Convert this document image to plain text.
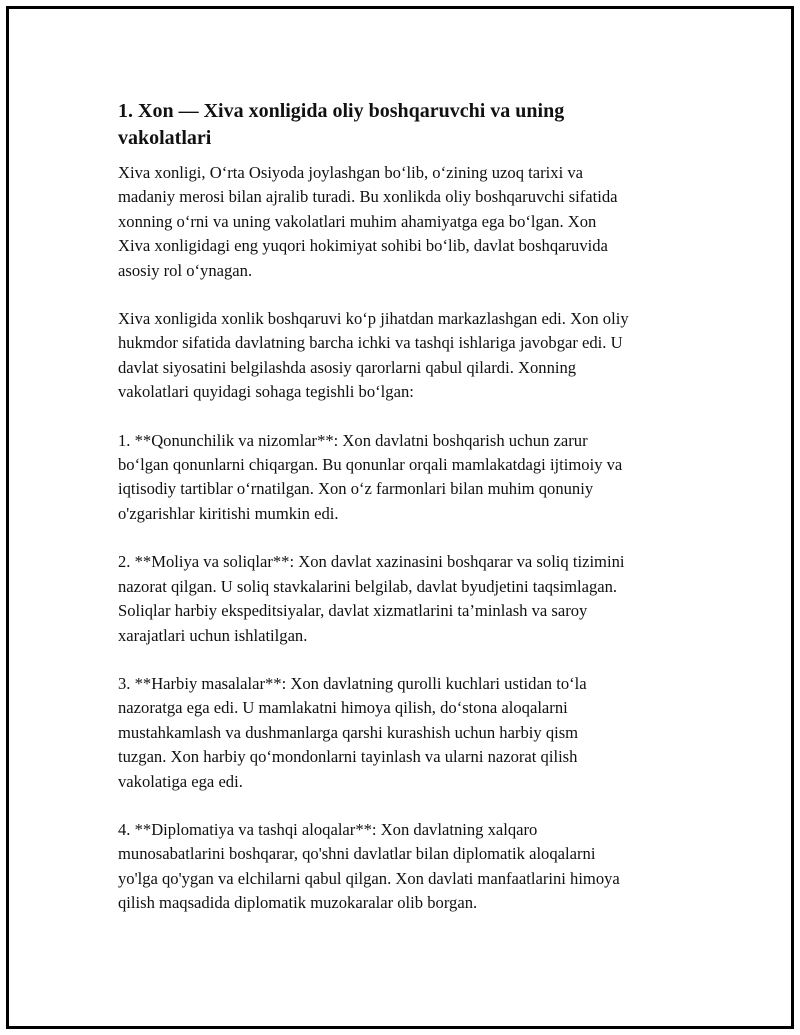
1. Xon — Xiva xonligida oliy boshqaruvchi va uning
vakolatlari
Xiva xonligi, O‘rta Osiyoda joylashgan bo‘lib, o‘zining uzoq tarixi va
madaniy merosi bilan ajralib turadi. Bu xonlikda oliy boshqaruvchi sifatida
xonning o‘rni va uning vakolatlari muhim ahamiyatga ega bo‘lgan. Xon
Xiva xonligidagi eng yuqori hokimiyat sohibi bo‘lib, davlat boshqaruvida
asosiy rol o‘ynagan.
Xiva xonligida xonlik boshqaruvi ko‘p jihatdan markazlashgan edi. Xon oliy
hukmdor sifatida davlatning barcha ichki va tashqi ishlariga javobgar edi. U
davlat siyosatini belgilashda asosiy qarorlarni qabul qilardi. Xonning
vakolatlari quyidagi sohaga tegishli bo‘lgan:
1. **Qonunchilik va nizomlar**: Xon davlatni boshqarish uchun zarur
bo‘lgan qonunlarni chiqargan. Bu qonunlar orqali mamlakatdagi ijtimoiy va
iqtisodiy tartiblar o‘rnatilgan. Xon o‘z farmonlari bilan muhim qonuniy
o'zgarishlar kiritishi mumkin edi.
2. **Moliya va soliqlar**: Xon davlat xazinasini boshqarar va soliq tizimini
nazorat qilgan. U soliq stavkalarini belgilab, davlat byudjetini taqsimlagan.
Soliqlar harbiy ekspeditsiyalar, davlat xizmatlarini ta’minlash va saroy
xarajatlari uchun ishlatilgan.
3. **Harbiy masalalar**: Xon davlatning qurolli kuchlari ustidan to‘la
nazoratga ega edi. U mamlakatni himoya qilish, do‘stona aloqalarni
mustahkamlash va dushmanlarga qarshi kurashish uchun harbiy qism
tuzgan. Xon harbiy qo‘mondonlarni tayinlash va ularni nazorat qilish
vakolatiga ega edi.
4. **Diplomatiya va tashqi aloqalar**: Xon davlatning xalqaro
munosabatlarini boshqarar, qo'shni davlatlar bilan diplomatik aloqalarni
yo'lga qo'ygan va elchilarni qabul qilgan. Xon davlati manfaatlarini himoya
qilish maqsadida diplomatik muzokaralar olib borgan.
